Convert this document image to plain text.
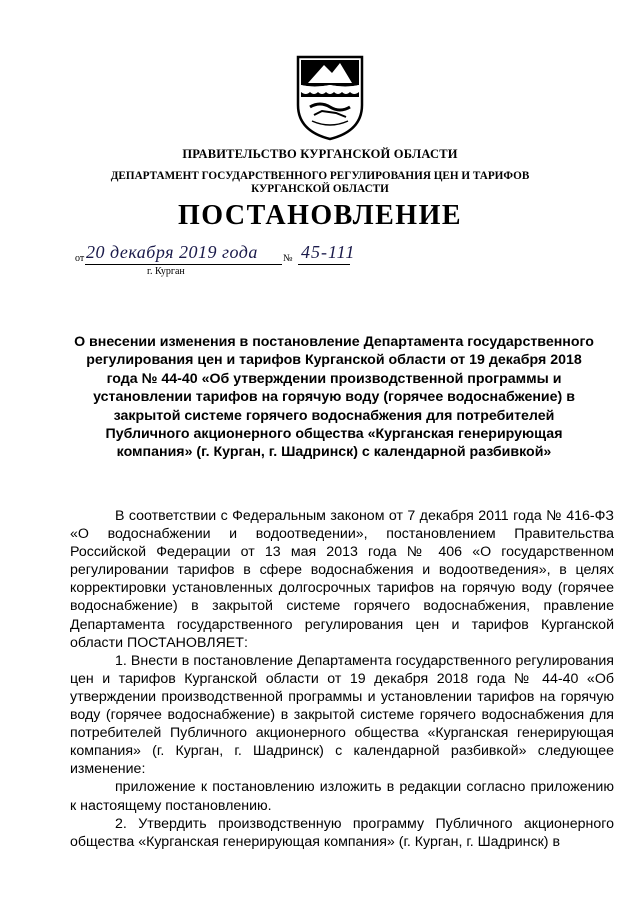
ПРАВИТЕЛЬСТВО КУРГАНСКОЙ ОБЛАСТИ
ДЕПАРТАМЕНТ ГОСУДАРСТВЕННОГО РЕГУЛИРОВАНИЯ ЦЕН И ТАРИФОВ
КУРГАНСКОЙ ОБЛАСТИ
ПОСТАНОВЛЕНИЕ
от 20 декабря 2019 года	№ 45-111
г. Курган
О внесении изменения в постановление Департамента государственного регулирования цен и тарифов Курганской области от 19 декабря 2018 года № 44-40 «Об утверждении производственной программы и установлении тарифов на горячую воду (горячее водоснабжение) в закрытой системе горячего водоснабжения для потребителей Публичного акционерного общества «Курганская генерирующая компания» (г. Курган, г. Шадринск) с календарной разбивкой»

В соответствии с Федеральным законом от 7 декабря 2011 года № 416-ФЗ «О водоснабжении и водоотведении», постановлением Правительства Российской Федерации от 13 мая 2013 года № 406 «О государственном регулировании тарифов в сфере водоснабжения и водоотведения», в целях корректировки установленных долгосрочных тарифов на горячую воду (горячее водоснабжение) в закрытой системе горячего водоснабжения, правление Департамента государственного регулирования цен и тарифов Курганской области ПОСТАНОВЛЯЕТ:

1. Внести в постановление Департамента государственного регулирования цен и тарифов Курганской области от 19 декабря 2018 года № 44-40 «Об утверждении производственной программы и установлении тарифов на горячую воду (горячее водоснабжение) в закрытой системе горячего водоснабжения для потребителей Публичного акционерного общества «Курганская генерирующая компания» (г. Курган, г. Шадринск) с календарной разбивкой» следующее изменение:

приложение к постановлению изложить в редакции согласно приложению к настоящему постановлению.

2. Утвердить производственную программу Публичного акционерного общества «Курганская генерирующая компания» (г. Курган, г. Шадринск) в
